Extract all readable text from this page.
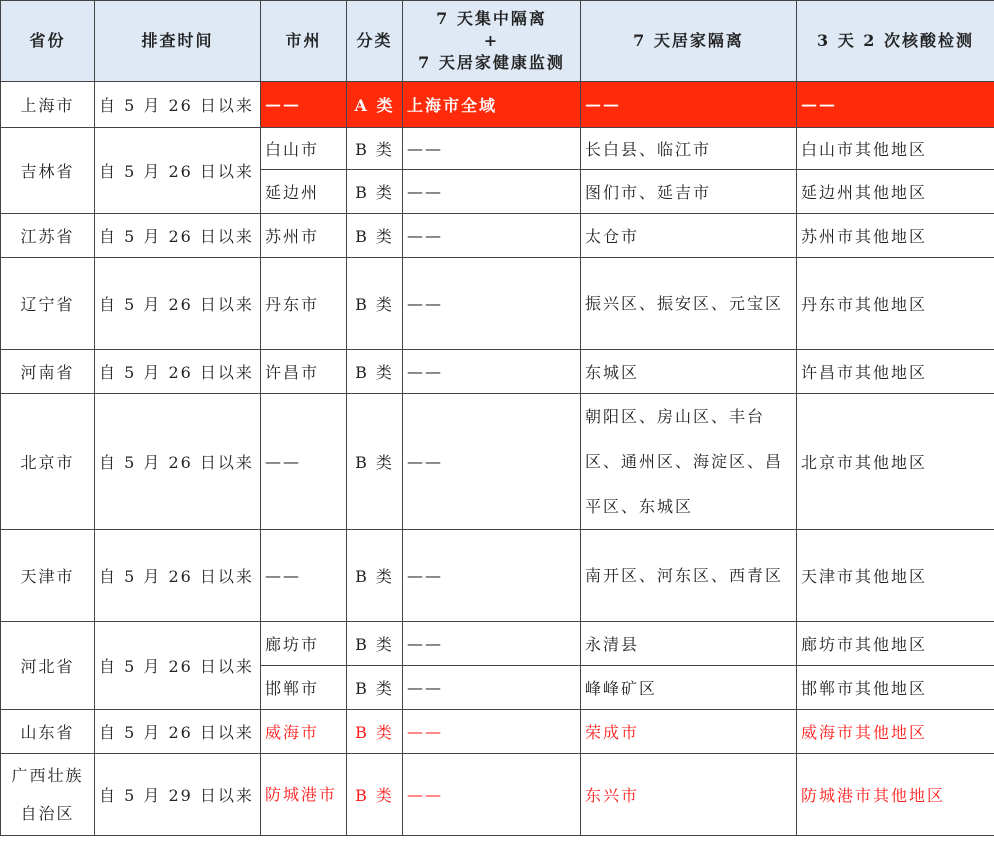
省份	排查时间	市州	分类	7 天集中隔离
+
7 天居家健康监测	7 天居家隔离	3 天 2 次核酸检测
上海市	自 5 月 26 日以来	——	A 类	上海市全域	——	——
吉林省	自 5 月 26 日以来	白山市	B 类	——	长白县、临江市	白山市其他地区
		延边州	B 类	——	图们市、延吉市	延边州其他地区
江苏省	自 5 月 26 日以来	苏州市	B 类	——	太仓市	苏州市其他地区
辽宁省	自 5 月 26 日以来	丹东市	B 类	——	振兴区、振安区、元宝区	丹东市其他地区
河南省	自 5 月 26 日以来	许昌市	B 类	——	东城区	许昌市其他地区
北京市	自 5 月 26 日以来	——	B 类	——	朝阳区、房山区、丰台区、通州区、海淀区、昌平区、东城区	北京市其他地区
天津市	自 5 月 26 日以来	——	B 类	——	南开区、河东区、西青区	天津市其他地区
河北省	自 5 月 26 日以来	廊坊市	B 类	——	永清县	廊坊市其他地区
		邯郸市	B 类	——	峰峰矿区	邯郸市其他地区
山东省	自 5 月 26 日以来	威海市	B 类	——	荣成市	威海市其他地区
广西壮族自治区	自 5 月 29 日以来	防城港市	B 类	——	东兴市	防城港市其他地区
